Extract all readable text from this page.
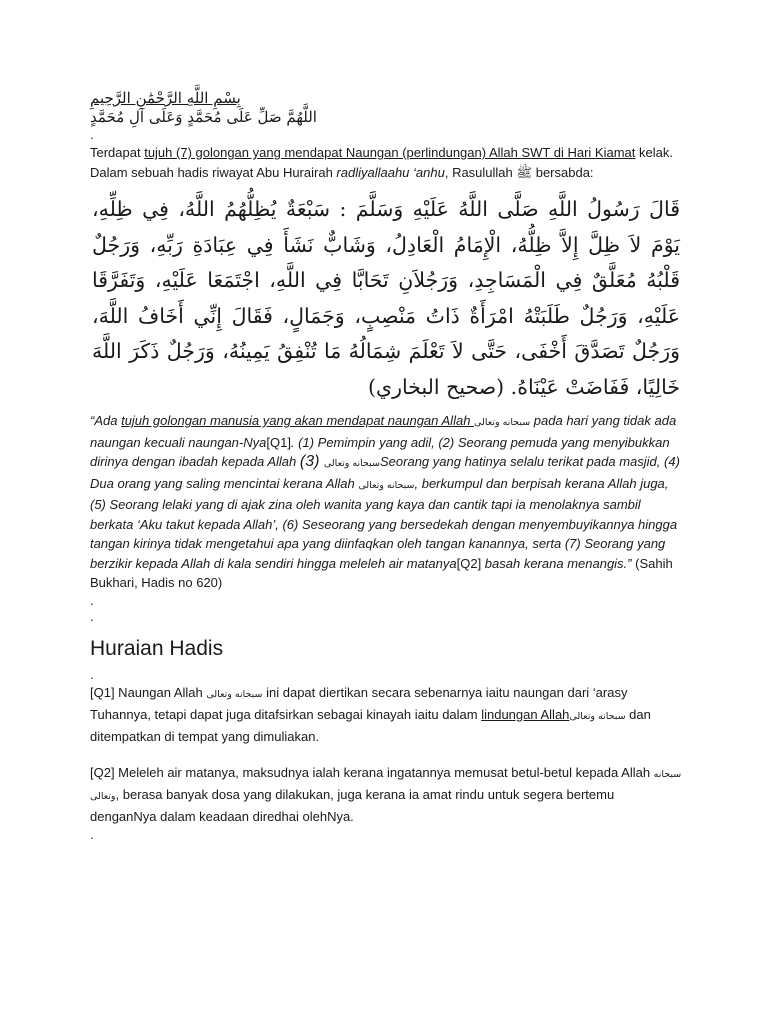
بِسْمِ اللَّهِ الرَّحْمَٰنِ الرَّحِيمِ

اللَّهُمَّ صَلِّ عَلَى مُحَمَّدٍ وَعَلَى آلِ مُحَمَّدٍ

.

Terdapat tujuh (7) golongan yang mendapat Naungan (perlindungan) Allah SWT di Hari Kiamat kelak. Dalam sebuah hadis riwayat Abu Hurairah radliyallaahu ‘anhu, Rasulullah ﷺ bersabda:

قَالَ رَسُولُ اللَّهِ صَلَّى اللَّهُ عَلَيْهِ وَسَلَّمَ : سَبْعَةٌ يُظِلُّهُمُ اللَّهُ، فِي ظِلِّهِ، يَوْمَ لاَ ظِلَّ إِلاَّ ظِلُّهُ، الْإِمَامُ الْعَادِلُ، وَشَابٌّ نَشَأَ فِي عِبَادَةِ رَبِّهِ، وَرَجُلٌ قَلْبُهُ مُعَلَّقٌ فِي الْمَسَاجِدِ، وَرَجُلاَنِ تَحَابَّا فِي اللَّهِ، اجْتَمَعَا عَلَيْهِ، وَتَفَرَّقَا عَلَيْهِ، وَرَجُلٌ طَلَبَتْهُ امْرَأَةٌ ذَاتُ مَنْصِبٍ، وَجَمَالٍ، فَقَالَ إِنِّي أَخَافُ اللَّهَ، وَرَجُلٌ تَصَدَّقَ أَخْفَى، حَتَّى لاَ تَعْلَمَ شِمَالُهُ مَا تُنْفِقُ يَمِينُهُ، وَرَجُلٌ ذَكَرَ اللَّهَ خَالِيًا، فَفَاضَتْ عَيْنَاهُ. (صحيح البخاري)

“Ada tujuh golongan manusia yang akan mendapat naungan Allah سبحانه وتعالى pada hari yang tidak ada naungan kecuali naungan-Nya[Q1]. (1) Pemimpin yang adil, (2) Seorang pemuda yang menyibukkan dirinya dengan ibadah kepada Allah (3) سبحانه وتعالىSeorang yang hatinya selalu terikat pada masjid, (4) Dua orang yang saling mencintai kerana Allah سبحانه وتعالى, berkumpul dan berpisah kerana Allah juga, (5) Seorang lelaki yang di ajak zina oleh wanita yang kaya dan cantik tapi ia menolaknya sambil berkata ‘Aku takut kepada Allah’, (6) Seseorang yang bersedekah dengan menyembuyikannya hingga tangan kirinya tidak mengetahui apa yang diinfaqkan oleh tangan kanannya, serta (7) Seorang yang berzikir kepada Allah di kala sendiri hingga meleleh air matanya[Q2] basah kerana menangis.” (Sahih Bukhari, Hadis no 620)

.

.

Huraian Hadis

.

[Q1] Naungan Allah سبحانه وتعالى ini dapat diertikan secara sebenarnya iaitu naungan dari ‘arasy Tuhannya, tetapi dapat juga ditafsirkan sebagai kinayah iaitu dalam lindungan Allahسبحانه وتعالى dan ditempatkan di tempat yang dimuliakan.

[Q2] Meleleh air matanya, maksudnya ialah kerana ingatannya memusat betul-betul kepada Allah سبحانه وتعالى, berasa banyak dosa yang dilakukan, juga kerana ia amat rindu untuk segera bertemu denganNya dalam keadaan diredhai olehNya.

.
